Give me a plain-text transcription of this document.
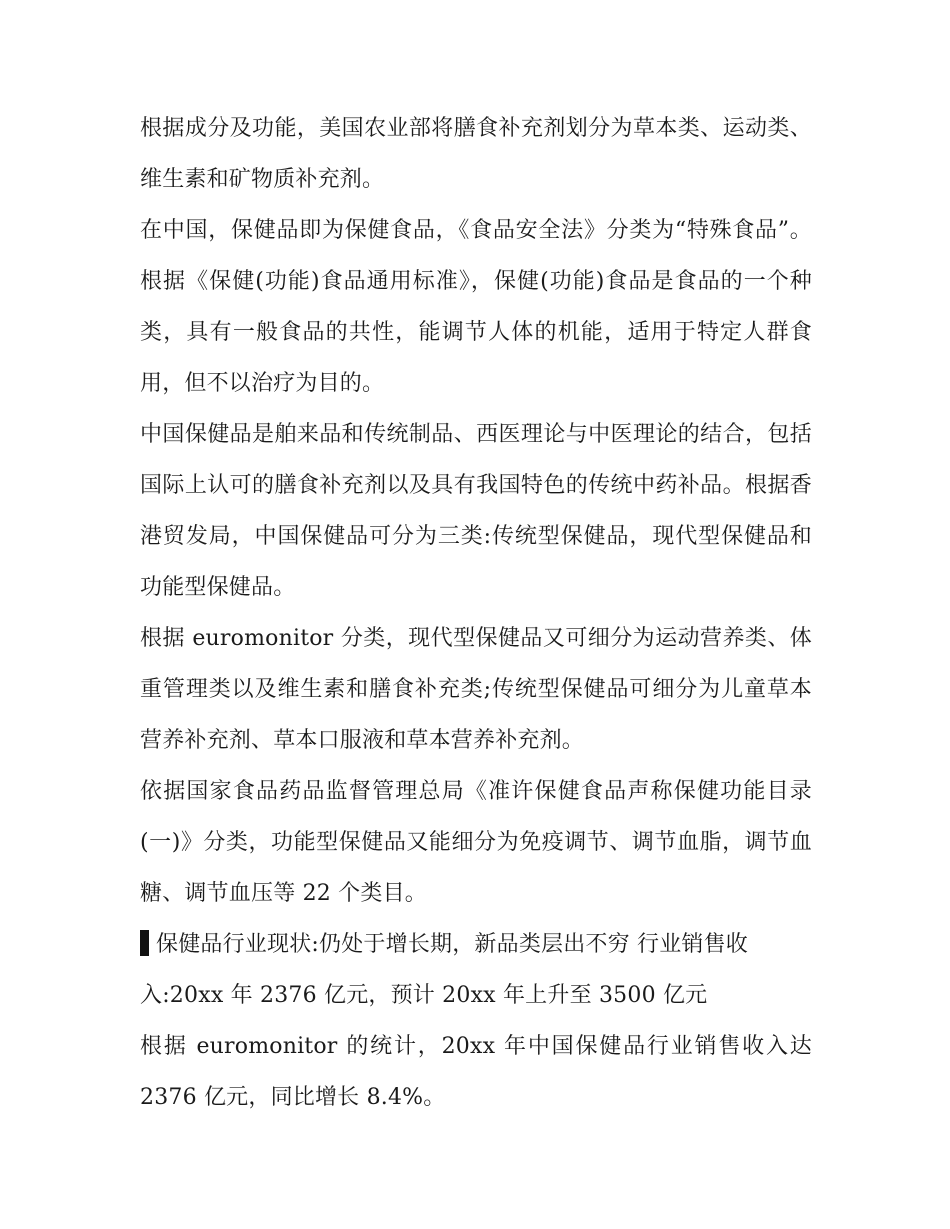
根据成分及功能，美国农业部将膳食补充剂划分为草本类、运动类、维生素和矿物质补充剂。

在中国，保健品即为保健食品，《食品安全法》分类为“特殊食品”。根据《保健(功能)食品通用标准》，保健(功能)食品是食品的一个种类，具有一般食品的共性，能调节人体的机能，适用于特定人群食用，但不以治疗为目的。

中国保健品是舶来品和传统制品、西医理论与中医理论的结合，包括国际上认可的膳食补充剂以及具有我国特色的传统中药补品。根据香港贸发局，中国保健品可分为三类:传统型保健品，现代型保健品和功能型保健品。

根据 euromonitor 分类，现代型保健品又可细分为运动营养类、体重管理类以及维生素和膳食补充类;传统型保健品可细分为儿童草本营养补充剂、草本口服液和草本营养补充剂。

依据国家食品药品监督管理总局《准许保健食品声称保健功能目录(一)》分类，功能型保健品又能细分为免疫调节、调节血脂，调节血糖、调节血压等 22 个类目。

保健品行业现状:仍处于增长期，新品类层出不穷 行业销售收入:20xx 年 2376 亿元，预计 20xx 年上升至 3500 亿元

根据 euromonitor 的统计，20xx 年中国保健品行业销售收入达 2376 亿元，同比增长 8.4%。
